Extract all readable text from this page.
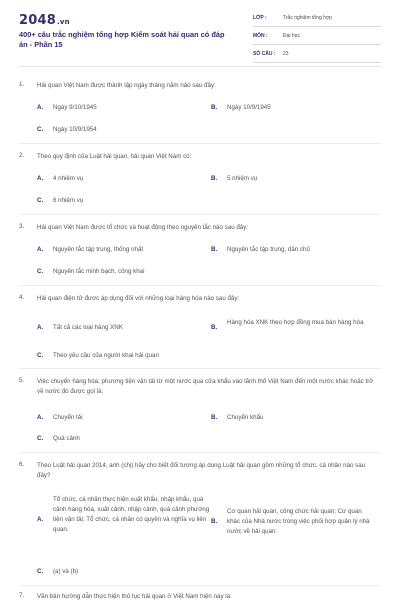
2048.vn
400+ câu trắc nghiệm tổng hợp Kiểm soát hải quan có đáp án - Phần 15
LỚP :	Trắc nghiệm tổng hợp
MÔN :	Đại học
SỐ CÂU : 23
1. Hải quan Việt Nam được thành lập ngày tháng năm nào sau đây:
A. Ngày 9/10/1945	B. Ngày 10/9/1945
C. Ngày 10/9/1954
2. Theo quy định của Luật hải quan, hải quan Việt Nam có:
A. 4 nhiệm vụ	B. 5 nhiệm vụ
C. 6 nhiệm vụ
3. Hải quan Việt Nam được tổ chức và hoạt động theo nguyên tắc nào sau đây:
A. Nguyên tắc tập trung, thống nhất	B. Nguyên tắc tập trung, dân chủ
C. Nguyên tắc minh bạch, công khai
4. Hải quan điện tử được áp dụng đối với những loại hàng hóa nào sau đây:
A. Tất cả các loại hàng XNK	B.
Hàng hóa XNK theo hợp đồng mua bán hàng hóa
C. Theo yêu cầu của người khai hải quan
5. Việc chuyển hàng hóa, phương tiện vận tải từ một nước qua cửa khẩu vào lãnh thổ Việt Nam đến một nước khác hoặc trở về nước đó được gọi là:
A. Chuyển tải	B. Chuyển khẩu
C. Quá cảnh
6. Theo Luật hải quan 2014, anh (chị) hãy cho biết đối tượng áp dụng Luật hải quan gồm những tổ chức, cá nhân nào sau đây?
A.
Tổ chức, cá nhân thực hiện xuất khẩu, nhập khẩu, quá cảnh hàng hóa, xuất cảnh, nhập cảnh, quá cảnh phương tiện vận tải; Tổ chức, cá nhân có quyền và nghĩa vụ liên quan.
B.
Cơ quan hải quan, công chức hải quan; Cơ quan khác của Nhà nước trong việc phối hợp quản lý nhà nước về hải quan.
C. (a) và (b)
7. Văn bản hướng dẫn thực hiện thủ tục hải quan ở Việt Nam hiện nay là:
